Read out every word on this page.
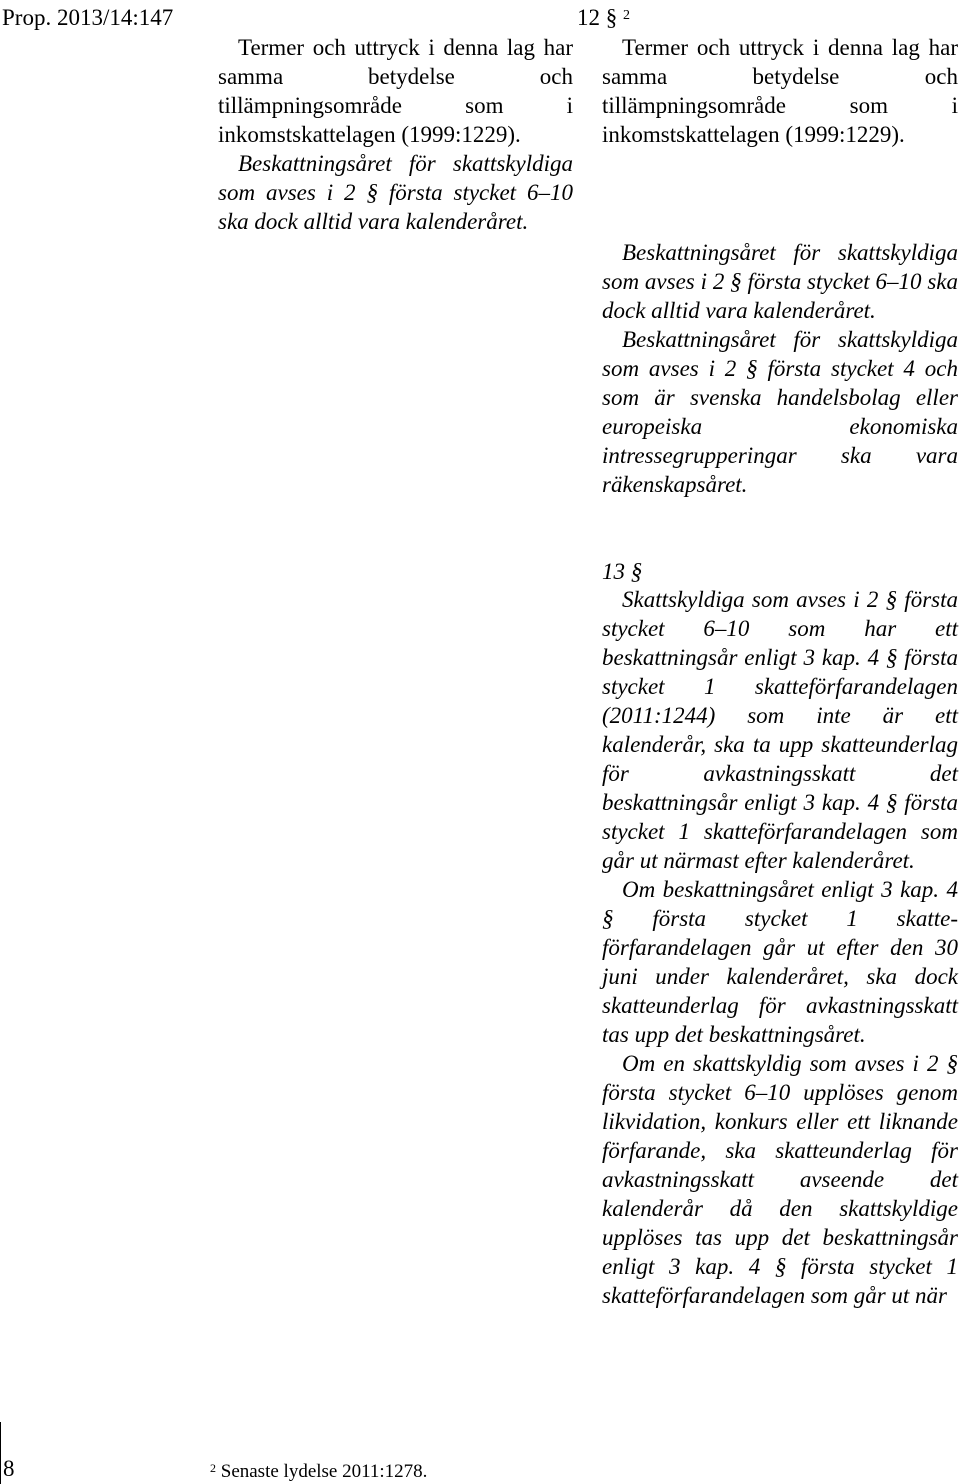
Prop. 2013/14:147	12 § $^2$

Termer och uttryck i denna lag har samma betydelse och tillämpningsområde som i inkomstskattelagen (1999:1229).

Beskattningsåret för skattskyldiga som avses i 2 § första stycket 6–10 ska dock alltid vara kalenderåret.

Termer och uttryck i denna lag har samma betydelse och tillämpningsområde som i inkomstskattelagen (1999:1229).

Beskattningsåret för skattskyldiga som avses i 2 § första stycket 6–10 ska dock alltid vara kalenderåret.

Beskattningsåret för skattskyldiga som avses i 2 § första stycket 4 och som är svenska handelsbolag eller europeiska ekonomiska intressegrupperingar ska vara räkenskapsåret.

13 §

Skattskyldiga som avses i 2 § första stycket 6–10 som har ett beskattningsår enligt 3 kap. 4 § första stycket 1 skatteförfarandelagen (2011:1244) som inte är ett kalenderår, ska ta upp skatteunderlag för avkastningsskatt det beskattningsår enligt 3 kap. 4 § första stycket 1 skatteförfarandelagen som går ut närmast efter kalenderåret.

Om beskattningsåret enligt 3 kap. 4 § första stycket 1 skatteförfarandelagen går ut efter den 30 juni under kalenderåret, ska dock skatteunderlag för avkastningsskatt tas upp det beskattningsåret.

Om en skattskyldig som avses i 2 § första stycket 6–10 upplöses genom likvidation, konkurs eller ett liknande förfarande, ska skatteunderlag för avkastningsskatt avseende det kalenderår då den skattskyldige upplöses tas upp det beskattningsår enligt 3 kap. 4 § första stycket 1 skatteförfarandelagen som går ut när

$^2$ Senaste lydelse 2011:1278.
8
